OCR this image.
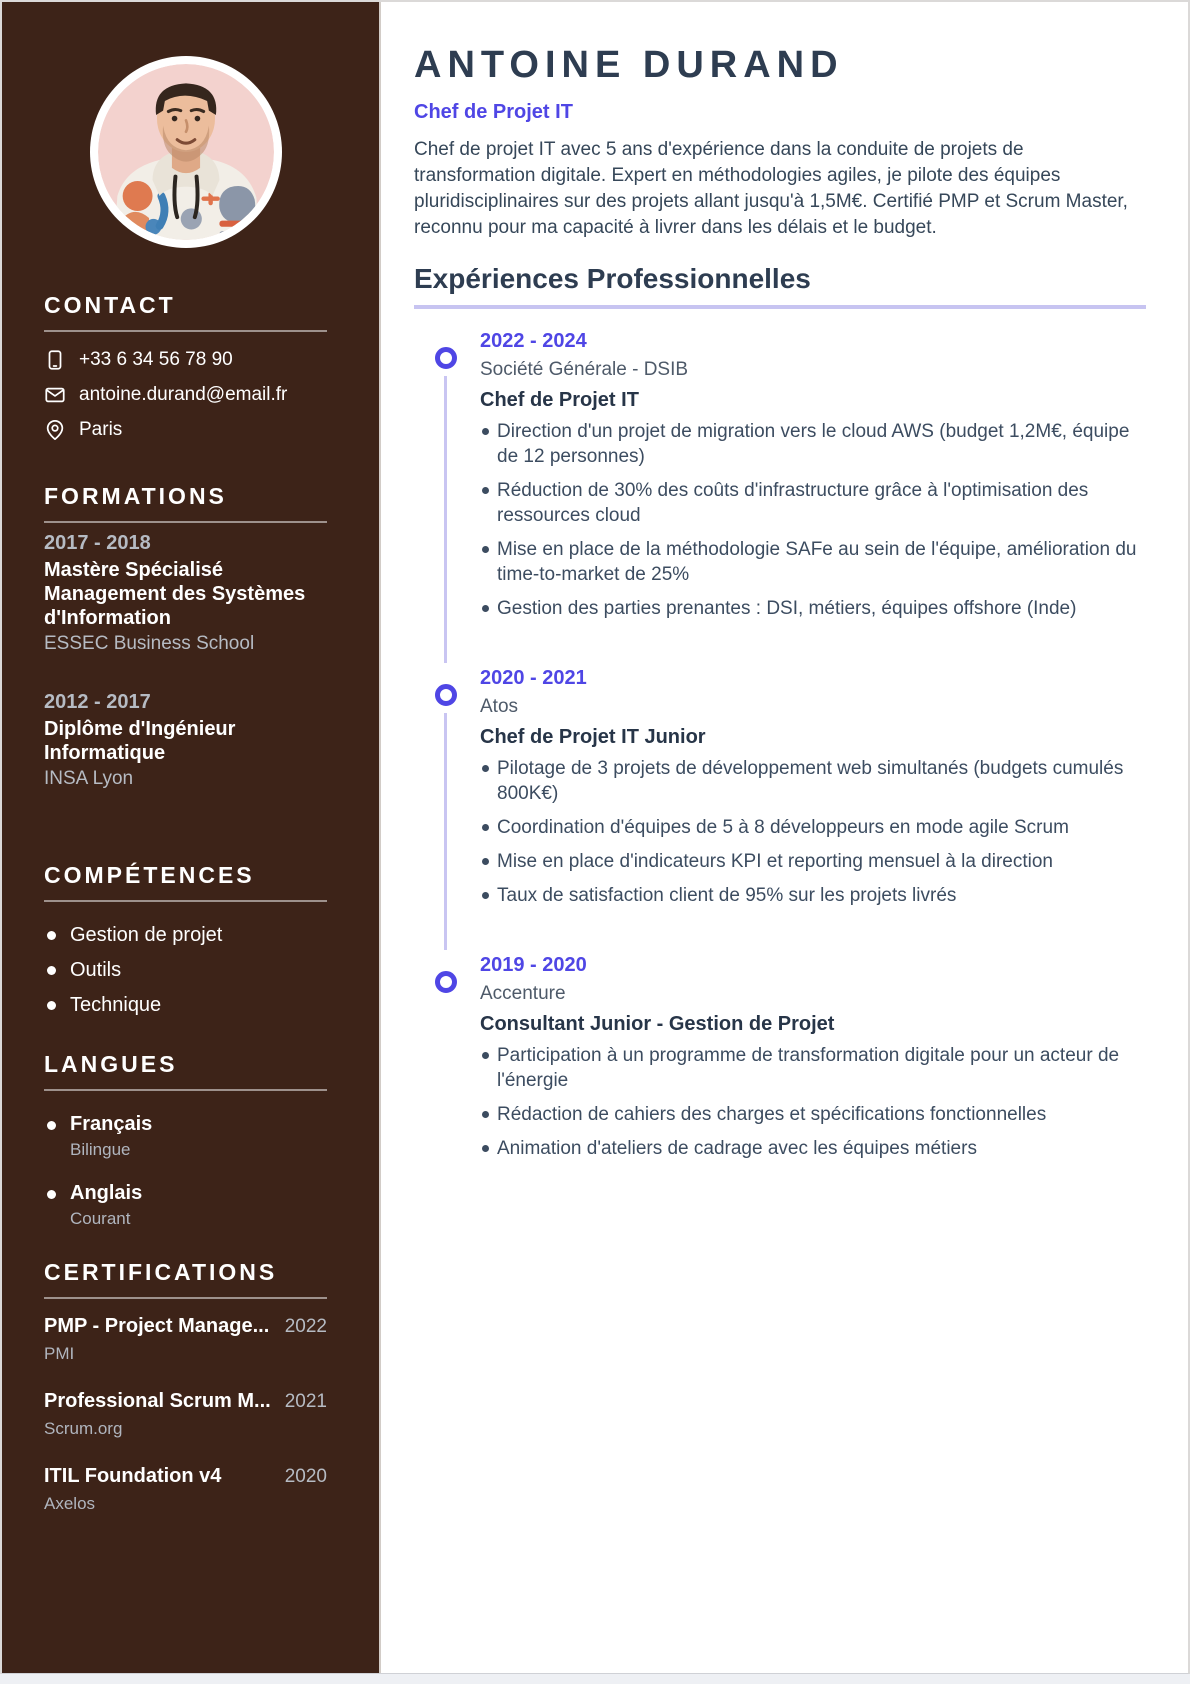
CONTACT
+33 6 34 56 78 90
antoine.durand@email.fr
Paris
FORMATIONS
2017 - 2018
Mastère Spécialisé Management des Systèmes d'Information
ESSEC Business School
2012 - 2017
Diplôme d'Ingénieur Informatique
INSA Lyon
COMPÉTENCES
Gestion de projet
Outils
Technique
LANGUES
Français
Bilingue
Anglais
Courant
CERTIFICATIONS
PMP - Project Manage... 2022
PMI
Professional Scrum M... 2021
Scrum.org
ITIL Foundation v4	2020
Axelos
ANTOINE DURAND
Chef de Projet IT

Chef de projet IT avec 5 ans d'expérience dans la conduite de projets de transformation digitale. Expert en méthodologies agiles, je pilote des équipes pluridisciplinaires sur des projets allant jusqu'à 1,5M€. Certifié PMP et Scrum Master, reconnu pour ma capacité à livrer dans les délais et le budget.

Expériences Professionnelles
2022 - 2024
Société Générale - DSIB
Chef de Projet IT
Direction d'un projet de migration vers le cloud AWS (budget 1,2M€, équipe de 12 personnes)
Réduction de 30% des coûts d'infrastructure grâce à l'optimisation des ressources cloud
Mise en place de la méthodologie SAFe au sein de l'équipe, amélioration du time-to-market de 25%
Gestion des parties prenantes : DSI, métiers, équipes offshore (Inde)
2020 - 2021
Atos
Chef de Projet IT Junior
Pilotage de 3 projets de développement web simultanés (budgets cumulés 800K€)
Coordination d'équipes de 5 à 8 développeurs en mode agile Scrum
Mise en place d'indicateurs KPI et reporting mensuel à la direction
Taux de satisfaction client de 95% sur les projets livrés
2019 - 2020
Accenture
Consultant Junior - Gestion de Projet
Participation à un programme de transformation digitale pour un acteur de l'énergie
Rédaction de cahiers des charges et spécifications fonctionnelles
Animation d'ateliers de cadrage avec les équipes métiers
